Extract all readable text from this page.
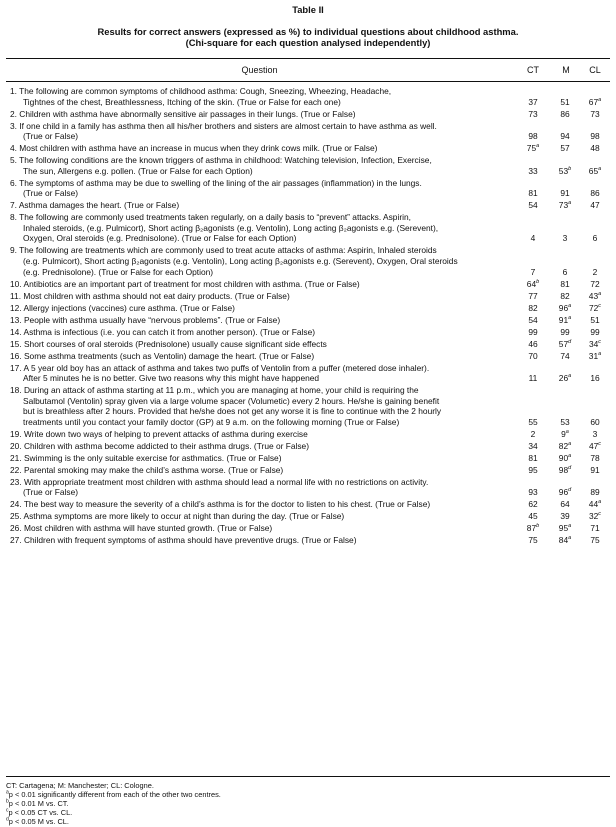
Table II
Results for correct answers (expressed as %) to individual questions about childhood asthma.
(Chi-square for each question analysed independently)
Question	CT	M	CL
1. The following are common symptoms of childhood asthma: Cough, Sneezing, Wheezing, Headache,
Tightnes of the chest, Breathlessness, Itching of the skin. (True or False for each one)	37	51	67$^a$
2. Children with asthma have abnormally sensitive air passages in their lungs. (True or False)	73	86	73
3. If one child in a family has asthma then all his/her brothers and sisters are almost certain to have asthma as well.
(True or False)	98	94	98
4. Most children with asthma have an increase in mucus when they drink cows milk. (True or False)	75$^a$	57	48
5. The following conditions are the known triggers of asthma in childhood: Watching television, Infection, Exercise,
The sun, Allergens e.g. pollen. (True or False for each Option)	33	53$^b$	65$^a$
6. The symptoms of asthma may be due to swelling of the lining of the air passages (inflammation) in the lungs.
(True or False)	81	91	86
7. Asthma damages the heart. (True or False)	54	73$^a$	47
8. The following are commonly used treatments taken regularly, on a daily basis to “prevent” attacks. Aspirin,
Inhaled steroids, (e.g. Pulmicort), Short acting β₂agonists (e.g. Ventolin), Long acting β₂agonists e.g. (Serevent),
Oxygen, Oral steroids (e.g. Prednisolone). (True or False for each Option)	4	3	6
9. The following are treatments which are commonly used to treat acute attacks of asthma: Aspirin, Inhaled steroids
(e.g. Pulmicort), Short acting β₂agonists (e.g. Ventolin), Long acting β₂agonists e.g. (Serevent), Oxygen, Oral steroids
(e.g. Prednisolone). (True or False for each Option)	7	6	2
10. Antibiotics are an important part of treatment for most children with asthma. (True or False)	64$^b$	81	72
11. Most children with asthma should not eat dairy products. (True or False)	77	82	43$^a$
12. Allergy injections (vaccines) cure asthma. (True or False)	82	96$^a$	72$^c$
13. People with asthma usually have “nervous problems”. (True or False)	54	91$^a$	51
14. Asthma is infectious (i.e. you can catch it from another person). (True or False)	99	99	99
15. Short courses of oral steroids (Prednisolone) usually cause significant side effects	46	57$^d$	34$^c$
16. Some asthma treatments (such as Ventolin) damage the heart. (True or False)	70	74	31$^a$
17. A 5 year old boy has an attack of asthma and takes two puffs of Ventolin from a puffer (metered dose inhaler).
After 5 minutes he is no better. Give two reasons why this might have happened	11	26$^a$	16
18. During an attack of asthma starting at 11 p.m., which you are managing at home, your child is requiring the
Salbutamol (Ventolin) spray given via a large volume spacer (Volumetic) every 2 hours. He/she is gaining benefit
but is breathless after 2 hours. Provided that he/she does not get any worse it is fine to continue with the 2 hourly
treatments until you contact your family doctor (GP) at 9 a.m. on the following morning (True or False)	55	53	60
19. Write down two ways of helping to prevent attacks of asthma during exercise	2	9$^a$	3
20. Children with asthma become addicted to their asthma drugs. (True or False)	34	82$^a$	47$^c$
21. Swimming is the only suitable exercise for asthmatics. (True or False)	81	90$^a$	78
22. Parental smoking may make the child’s asthma worse. (True or False)	95	98$^d$	91
23. With appropriate treatment most children with asthma should lead a normal life with no restrictions on activity.
(True or False)	93	96$^d$	89
24. The best way to measure the severity of a child’s asthma is for the doctor to listen to his chest. (True or False)	62	64	44$^a$
25. Asthma symptoms are more likely to occur at night than during the day. (True or False)	45	39	32$^c$
26. Most children with asthma will have stunted growth. (True or False)	87$^b$	95$^a$	71
27. Children with frequent symptoms of asthma should have preventive drugs. (True or False)	75	84$^a$	75
CT: Cartagena; M: Manchester; CL: Cologne.
$^a$p < 0.01 significantly different from each of the other two centres.
$^b$p < 0.01 M vs. CT.
$^c$p < 0.05 CT vs. CL.
$^d$p < 0.05 M vs. CL.
